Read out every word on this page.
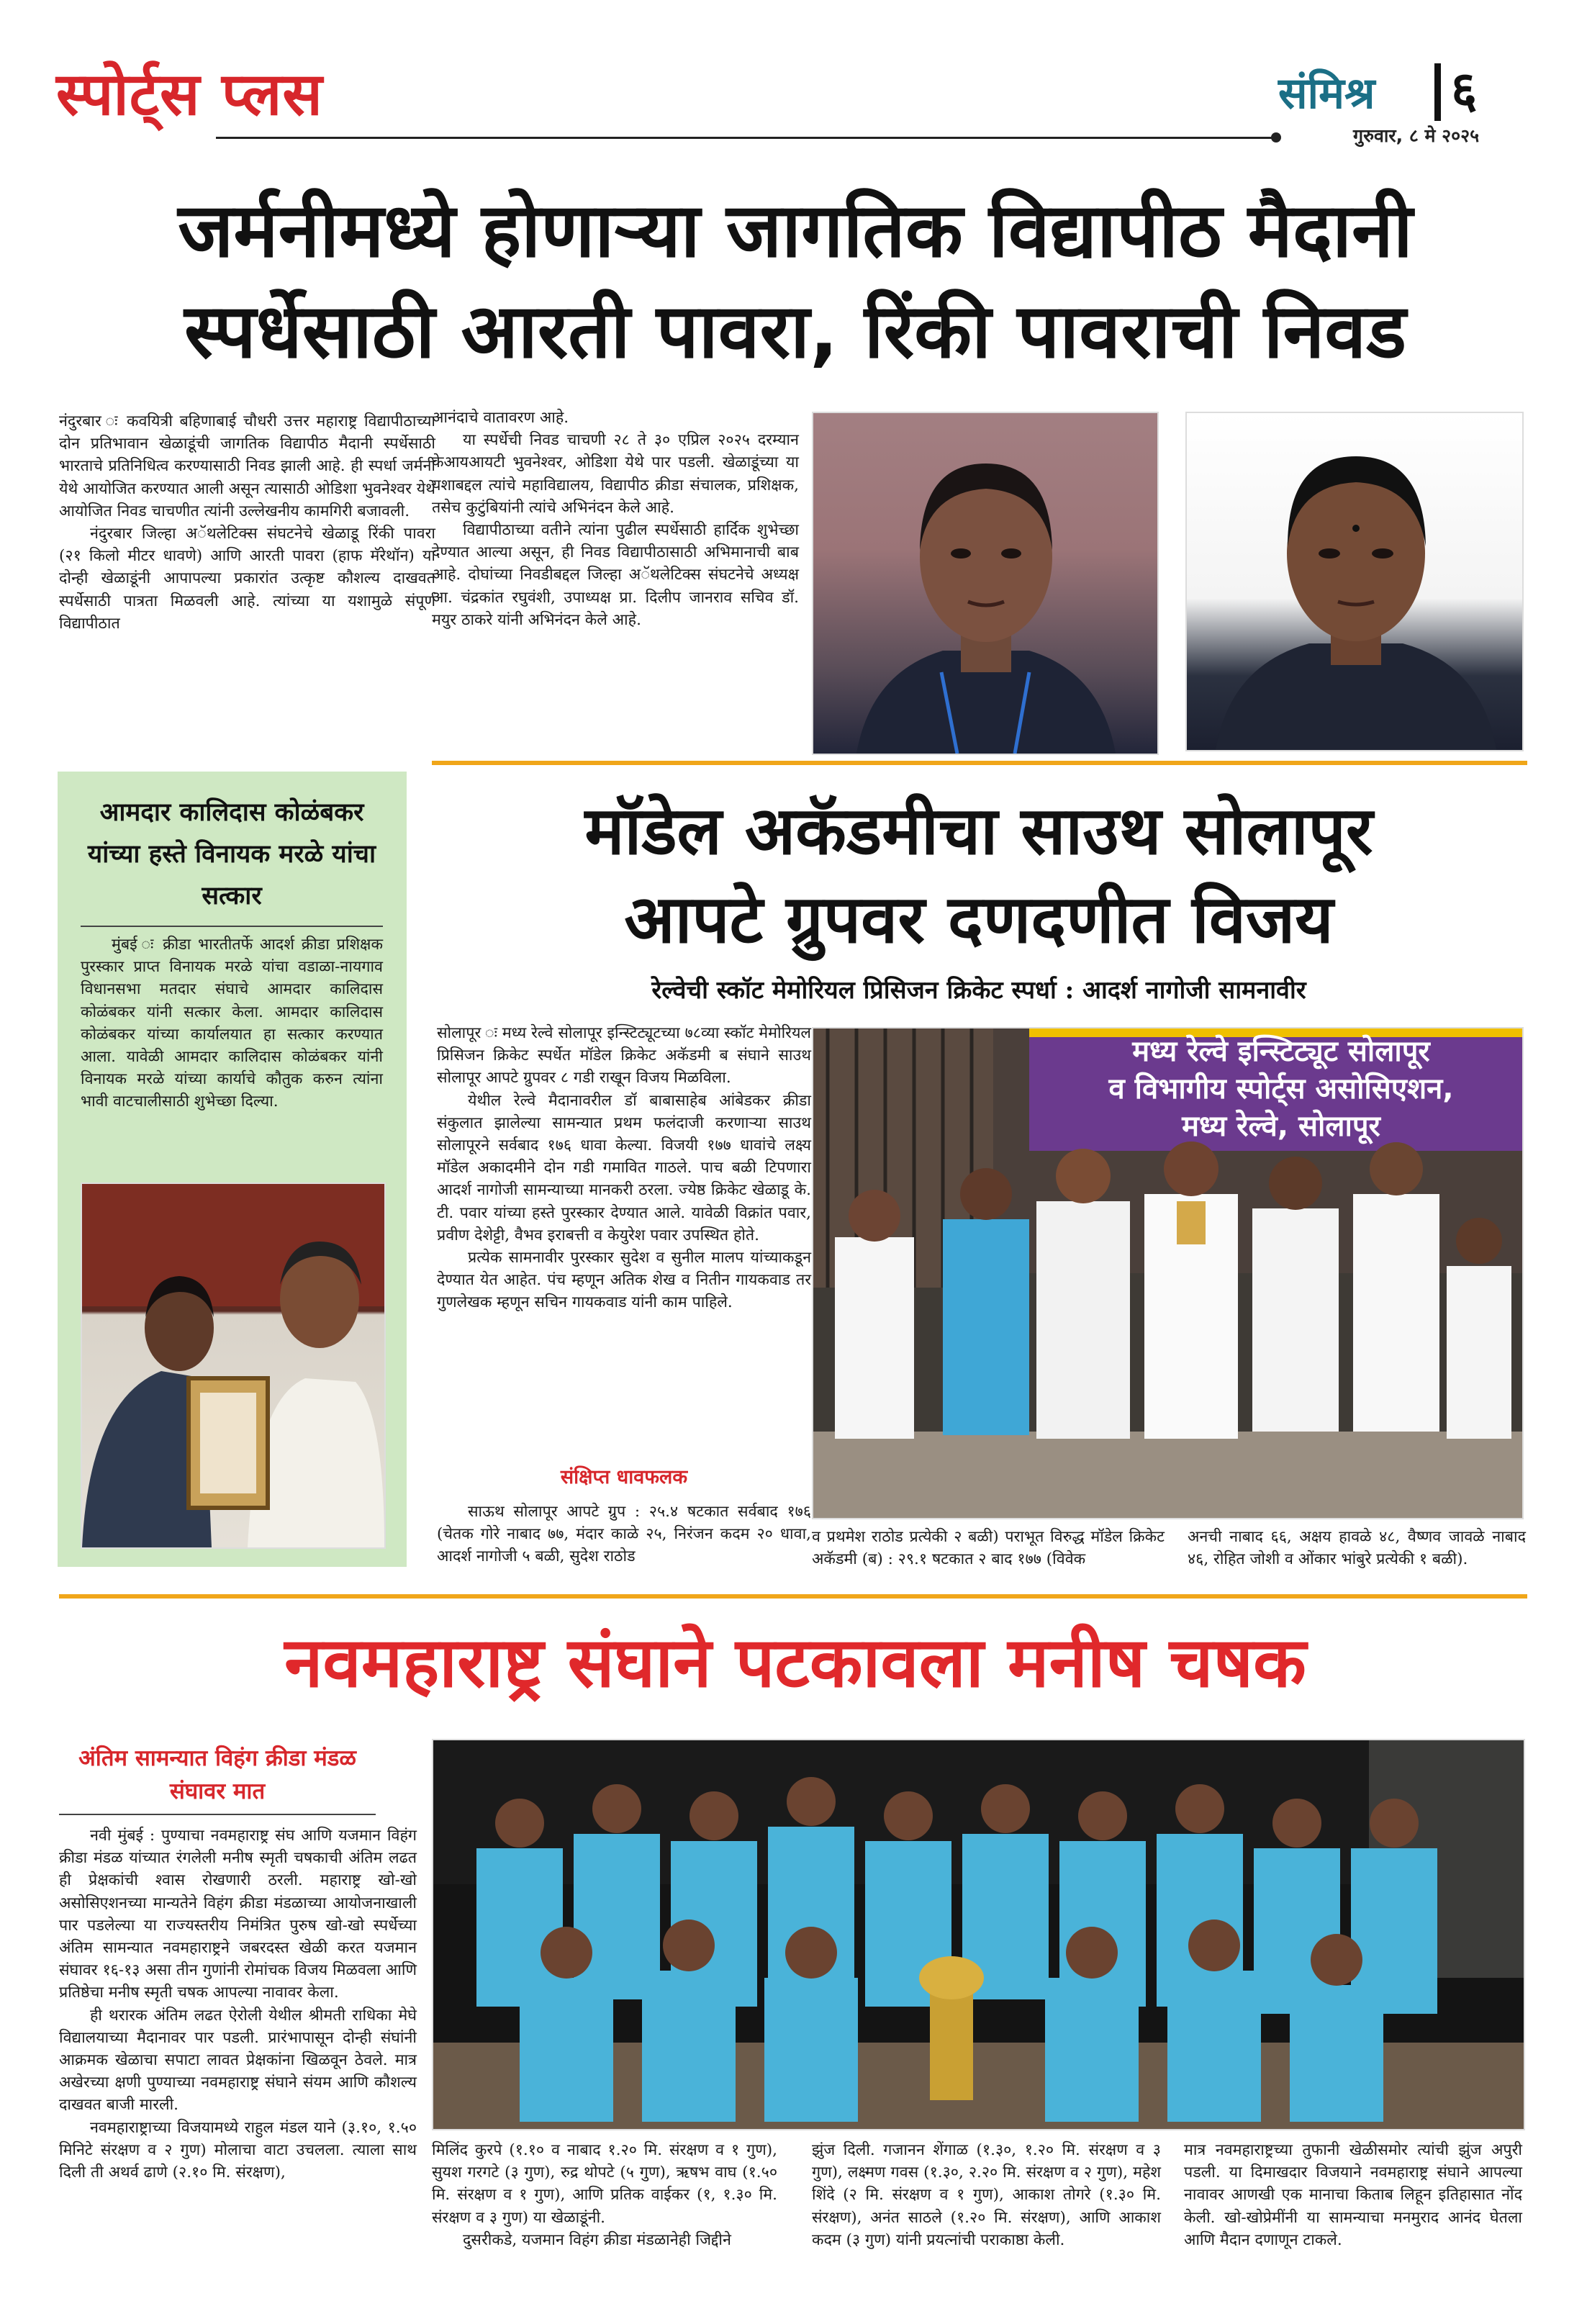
स्पोर्ट्स प्लस	संमिश्र ६
गुरुवार, ८ मे २०२५
जर्मनीमध्ये होणाऱ्या जागतिक विद्यापीठ मैदानी
स्पर्धेसाठी आरती पावरा, रिंकी पावराची निवड

नंदुरबार ः कवयित्री बहिणाबाई चौधरी उत्तर महाराष्ट्र विद्यापीठाच्या दोन प्रतिभावान खेळाडूंची जागतिक विद्यापीठ मैदानी स्पर्धेसाठी भारताचे प्रतिनिधित्व करण्यासाठी निवड झाली आहे. ही स्पर्धा जर्मनी येथे आयोजित करण्यात आली असून त्यासाठी ओडिशा भुवनेश्वर येथे आयोजित निवड चाचणीत त्यांनी उल्लेखनीय कामगिरी बजावली.

नंदुरबार जिल्हा अॅथलेटिक्स संघटनेचे खेळाडू रिंकी पावरा (२१ किलो मीटर धावणे) आणि आरती पावरा (हाफ मॅरेथॉन) या दोन्ही खेळाडूंनी आपापल्या प्रकारांत उत्कृष्ट कौशल्य दाखवत स्पर्धेसाठी पात्रता मिळवली आहे. त्यांच्या या यशामुळे संपूर्ण विद्यापीठात

आनंदाचे वातावरण आहे.

या स्पर्धेची निवड चाचणी २८ ते ३० एप्रिल २०२५ दरम्यान केआयआयटी भुवनेश्वर, ओडिशा येथे पार पडली. खेळाडूंच्या या यशाबद्दल त्यांचे महाविद्यालय, विद्यापीठ क्रीडा संचालक, प्रशिक्षक, तसेच कुटुंबियांनी त्यांचे अभिनंदन केले आहे.

विद्यापीठाच्या वतीने त्यांना पुढील स्पर्धेसाठी हार्दिक शुभेच्छा देण्यात आल्या असून, ही निवड विद्यापीठासाठी अभिमानाची बाब आहे. दोघांच्या निवडीबद्दल जिल्हा अॅथलेटिक्स संघटनेचे अध्यक्ष आ. चंद्रकांत रघुवंशी, उपाध्यक्ष प्रा. दिलीप जानराव सचिव डॉ. मयुर ठाकरे यांनी अभिनंदन केले आहे.

आमदार कालिदास कोळंबकर यांच्या हस्ते विनायक मरळे यांचा सत्कार

मुंबई ः क्रीडा भारतीतर्फे आदर्श क्रीडा प्रशिक्षक पुरस्कार प्राप्त विनायक मरळे यांचा वडाळा-नायगाव विधानसभा मतदार संघाचे आमदार कालिदास कोळंबकर यांनी सत्कार केला. आमदार कालिदास कोळंबकर यांच्या कार्यालयात हा सत्कार करण्यात आला. यावेळी आमदार कालिदास कोळंबकर यांनी विनायक मरळे यांच्या कार्याचे कौतुक करुन त्यांना भावी वाटचालीसाठी शुभेच्छा दिल्या.

मॉडेल अकॅडमीचा साउथ सोलापूर
आपटे ग्रुपवर दणदणीत विजय
रेल्वेची स्कॉट मेमोरियल प्रिसिजन क्रिकेट स्पर्धा : आदर्श नागोजी सामनावीर

सोलापूर ः मध्य रेल्वे सोलापूर इन्स्टिट्यूटच्या ७८व्या स्कॉट मेमोरियल प्रिसिजन क्रिकेट स्पर्धेत मॉडेल क्रिकेट अकॅडमी ब संघाने साउथ सोलापूर आपटे ग्रुपवर ८ गडी राखून विजय मिळविला.

येथील रेल्वे मैदानावरील डॉ बाबासाहेब आंबेडकर क्रीडा संकुलात झालेल्या सामन्यात प्रथम फलंदाजी करणाऱ्या साउथ सोलापूरने सर्वबाद १७६ धावा केल्या. विजयी १७७ धावांचे लक्ष्य मॉडेल अकादमीने दोन गडी गमावित गाठले. पाच बळी टिपणारा आदर्श नागोजी सामन्याच्या मानकरी ठरला. ज्येष्ठ क्रिकेट खेळाडू के. टी. पवार यांच्या हस्ते पुरस्कार देण्यात आले. यावेळी विक्रांत पवार, प्रवीण देशेट्टी, वैभव इराबत्ती व केयुरेश पवार उपस्थित होते.

प्रत्येक सामनावीर पुरस्कार सुदेश व सुनील मालप यांच्याकडून देण्यात येत आहेत. पंच म्हणून अतिक शेख व नितीन गायकवाड तर गुणलेखक म्हणून सचिन गायकवाड यांनी काम पाहिले.

संक्षिप्त धावफलक
साऊथ सोलापूर आपटे ग्रुप : २५.४ षटकात सर्वबाद १७६ (चेतक गोरे नाबाद ७७, मंदार काळे २५, निरंजन कदम २० धावा, आदर्श नागोजी ५ बळी, सुदेश राठोड
व प्रथमेश राठोड प्रत्येकी २ बळी) पराभूत विरुद्ध मॉडेल क्रिकेट अकॅडमी (ब) : २९.१ षटकात २ बाद १७७ (विवेक
अनची नाबाद ६६, अक्षय हावळे ४८, वैष्णव जावळे नाबाद ४६, रोहित जोशी व ओंकार भांबुरे प्रत्येकी १ बळी).
मध्य रेल्वे इन्स्टिट्यूट सोलापूर
व विभागीय स्पोर्ट्स असोसिएशन,
मध्य रेल्वे, सोलापूर
नवमहाराष्ट्र संघाने पटकावला मनीष चषक
अंतिम सामन्यात विहंग क्रीडा मंडळ संघावर मात

नवी मुंबई : पुण्याचा नवमहाराष्ट्र संघ आणि यजमान विहंग क्रीडा मंडळ यांच्यात रंगलेली मनीष स्मृती चषकाची अंतिम लढत ही प्रेक्षकांची श्वास रोखणारी ठरली. महाराष्ट्र खो-खो असोसिएशनच्या मान्यतेने विहंग क्रीडा मंडळाच्या आयोजनाखाली पार पडलेल्या या राज्यस्तरीय निमंत्रित पुरुष खो-खो स्पर्धेच्या अंतिम सामन्यात नवमहाराष्ट्रने जबरदस्त खेळी करत यजमान संघावर १६-१३ असा तीन गुणांनी रोमांचक विजय मिळवला आणि प्रतिष्ठेचा मनीष स्मृती चषक आपल्या नावावर केला.

ही थरारक अंतिम लढत ऐरोली येथील श्रीमती राधिका मेघे विद्यालयाच्या मैदानावर पार पडली. प्रारंभापासून दोन्ही संघांनी आक्रमक खेळाचा सपाटा लावत प्रेक्षकांना खिळवून ठेवले. मात्र अखेरच्या क्षणी पुण्याच्या नवमहाराष्ट्र संघाने संयम आणि कौशल्य दाखवत बाजी मारली.

नवमहाराष्ट्राच्या विजयामध्ये राहुल मंडल याने (३.१०, १.५० मिनिटे संरक्षण व २ गुण) मोलाचा वाटा उचलला. त्याला साथ दिली ती अथर्व ढाणे (२.१० मि. संरक्षण),

मिलिंद कुरपे (१.१० व नाबाद १.२० मि. संरक्षण व १ गुण), सुयश गरगटे (३ गुण), रुद्र थोपटे (५ गुण), ऋषभ वाघ (१.५० मि. संरक्षण व १ गुण), आणि प्रतिक वाईकर (१, १.३० मि. संरक्षण व ३ गुण) या खेळाडूंनी.
दुसरीकडे, यजमान विहंग क्रीडा मंडळानेही जिद्दीने
झुंज दिली. गजानन शेंगाळ (१.३०, १.२० मि. संरक्षण व ३ गुण), लक्ष्मण गवस (१.३०, २.२० मि. संरक्षण व २ गुण), महेश शिंदे (२ मि. संरक्षण व १ गुण), आकाश तोगरे (१.३० मि. संरक्षण), अनंत साठले (१.२० मि. संरक्षण), आणि आकाश कदम (३ गुण) यांनी प्रयत्नांची पराकाष्ठा केली.
मात्र नवमहाराष्ट्रच्या तुफानी खेळीसमोर त्यांची झुंज अपुरी पडली. या दिमाखदार विजयाने नवमहाराष्ट्र संघाने आपल्या नावावर आणखी एक मानाचा किताब लिहून इतिहासात नोंद केली. खो-खोप्रेमींनी या सामन्याचा मनमुराद आनंद घेतला आणि मैदान दणाणून टाकले.
